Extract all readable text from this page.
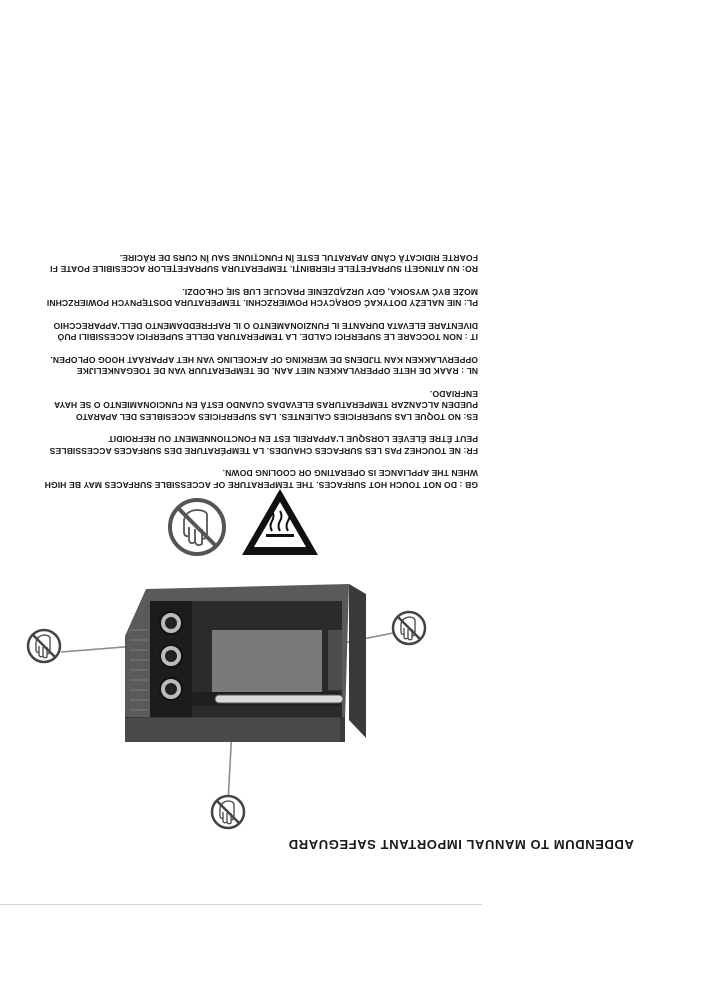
ADDENDUM TO MANUAL IMPORTANT SAFEGUARD

GB : DO NOT TOUCH HOT SURFACES. THE TEMPERATURE OF ACCESSIBLE SURFACES MAY BE HIGH WHEN THE APPLIANCE IS OPERATING OR COOLING DOWN.

FR: NE TOUCHEZ PAS LES SURFACES CHAUDES. LA TEMPÉRATURE DES SURFACES ACCESSIBLES PEUT ÊTRE ÉLEVÉE LORSQUE L'APPAREIL EST EN FONCTIONNEMENT OU REFROIDIT

ES: NO TOQUE LAS SUPERFICIES CALIENTES. LAS SUPERFICIES ACCESIBLES DEL APARATO PUEDEN ALCANZAR TEMPERATURAS ELEVADAS CUANDO ESTÁ EN FUNCIONAMIENTO O SE HAYA ENFRIADO.

NL : RAAK DE HETE OPPERVLAKKEN NIET AAN. DE TEMPERATUUR VAN DE TOEGANKELIJKE OPPERVLAKKEN KAN TIJDENS DE WERKING OF AFKOELING VAN HET APPARAAT HOOG OPLOPEN.

IT : NON TOCCARE LE SUPERFICI CALDE. LA TEMPERATURA DELLE SUPERFICI ACCESSIBILI PUÒ DIVENTARE ELEVATA DURANTE IL FUNZIONAMENTO O IL RAFFREDDAMENTO DELL'APPARECCHIO

PL: NIE NALEŻY DOTYKAĆ GORĄCYCH POWIERZCHNI. TEMPERATURA DOSTĘPNYCH POWIERZCHNI MOŻE BYĆ WYSOKA, GDY URZĄDZENIE PRACUJE LUB SIĘ CHŁODZI.

RO: NU ATINGEȚI SUPRAFEȚELE FIERBINȚI. TEMPERATURA SUPRAFEȚELOR ACCESIBILE POATE FI FOARTE RIDICATĂ CÂND APARATUL ESTE ÎN FUNCȚIUNE SAU ÎN CURS DE RĂCIRE.
